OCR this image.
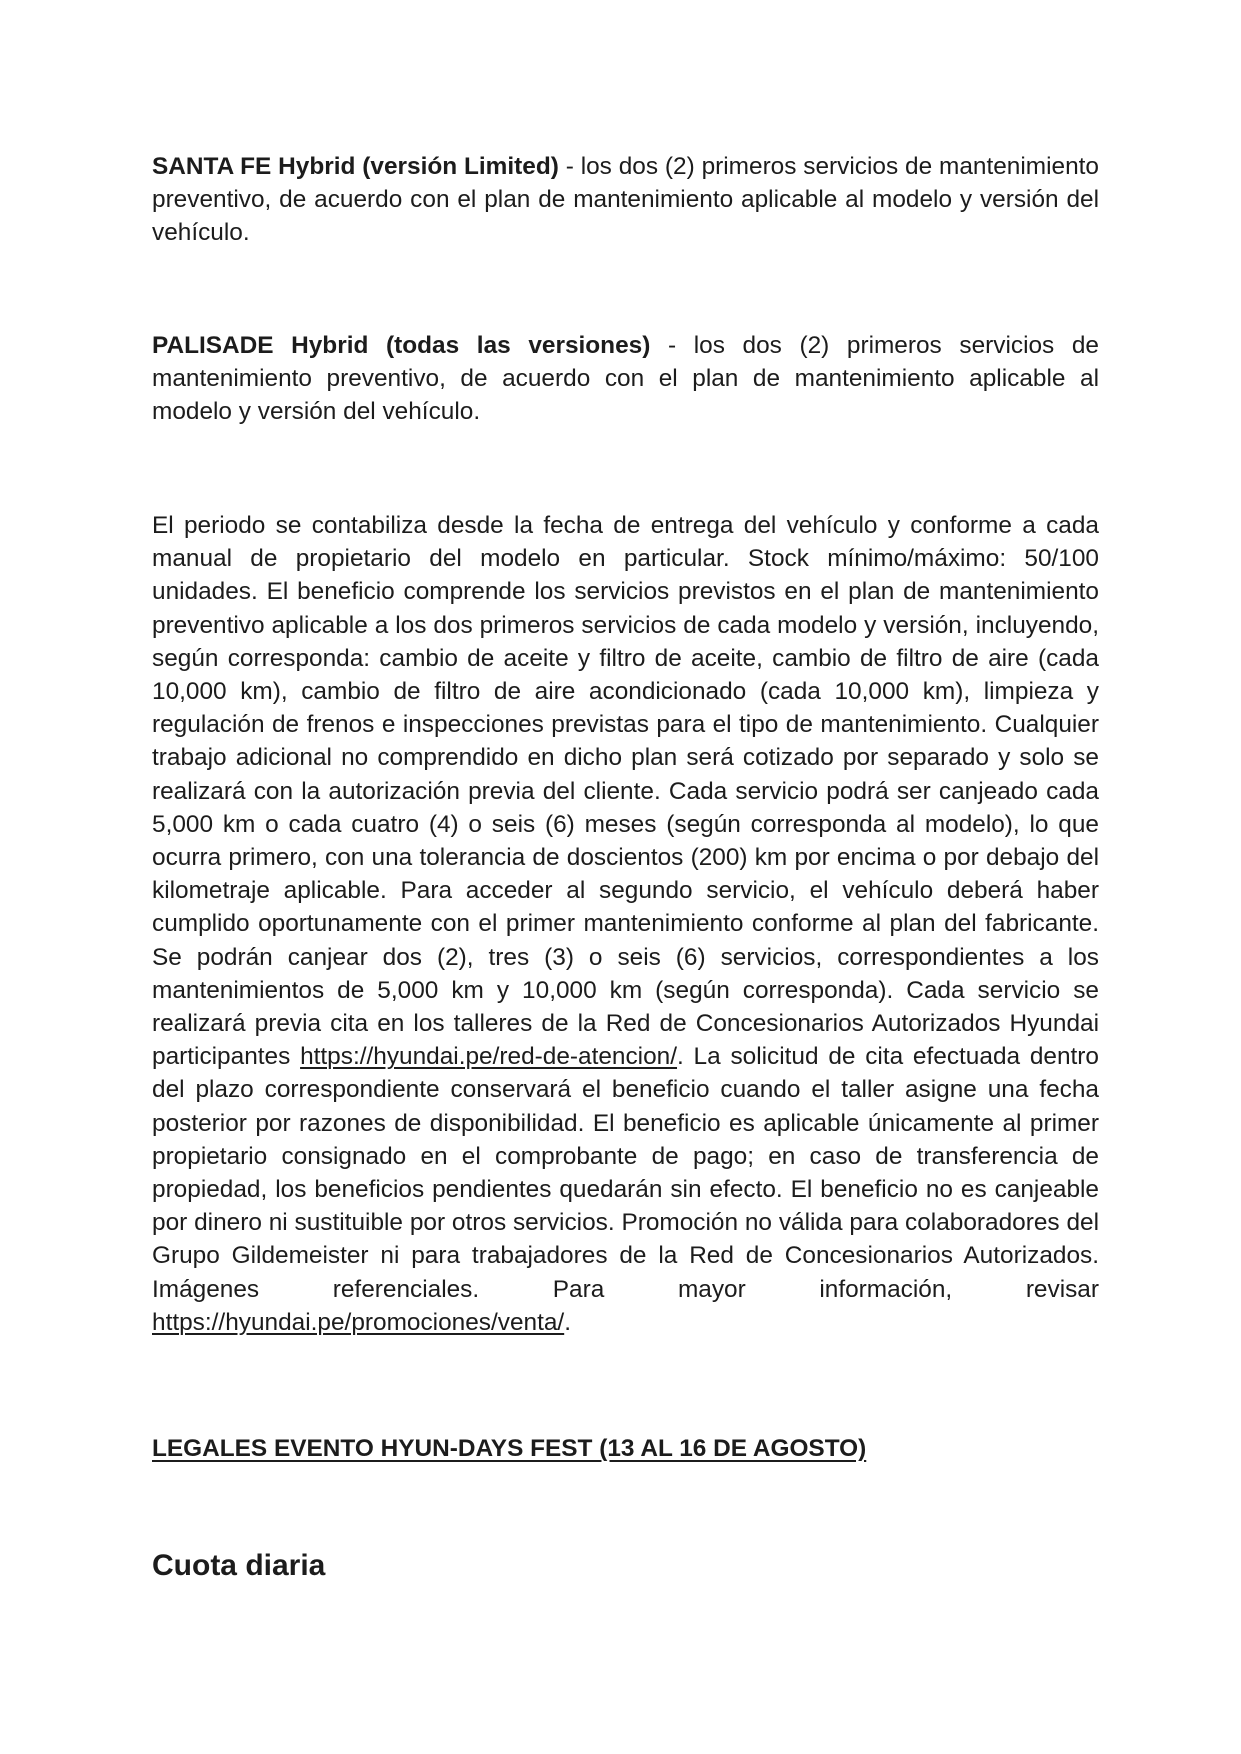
SANTA FE Hybrid (versión Limited) - los dos (2) primeros servicios de mantenimiento preventivo, de acuerdo con el plan de mantenimiento aplicable al modelo y versión del vehículo.

PALISADE Hybrid (todas las versiones) - los dos (2) primeros servicios de mantenimiento preventivo, de acuerdo con el plan de mantenimiento aplicable al modelo y versión del vehículo.

El periodo se contabiliza desde la fecha de entrega del vehículo y conforme a cada manual de propietario del modelo en particular. Stock mínimo/máximo: 50/100 unidades. El beneficio comprende los servicios previstos en el plan de mantenimiento preventivo aplicable a los dos primeros servicios de cada modelo y versión, incluyendo, según corresponda: cambio de aceite y filtro de aceite, cambio de filtro de aire (cada 10,000 km), cambio de filtro de aire acondicionado (cada 10,000 km), limpieza y regulación de frenos e inspecciones previstas para el tipo de mantenimiento. Cualquier trabajo adicional no comprendido en dicho plan será cotizado por separado y solo se realizará con la autorización previa del cliente. Cada servicio podrá ser canjeado cada 5,000 km o cada cuatro (4) o seis (6) meses (según corresponda al modelo), lo que ocurra primero, con una tolerancia de doscientos (200) km por encima o por debajo del kilometraje aplicable. Para acceder al segundo servicio, el vehículo deberá haber cumplido oportunamente con el primer mantenimiento conforme al plan del fabricante. Se podrán canjear dos (2), tres (3) o seis (6) servicios, correspondientes a los mantenimientos de 5,000 km y 10,000 km (según corresponda). Cada servicio se realizará previa cita en los talleres de la Red de Concesionarios Autorizados Hyundai participantes https://hyundai.pe/red-de-atencion/. La solicitud de cita efectuada dentro del plazo correspondiente conservará el beneficio cuando el taller asigne una fecha posterior por razones de disponibilidad. El beneficio es aplicable únicamente al primer propietario consignado en el comprobante de pago; en caso de transferencia de propiedad, los beneficios pendientes quedarán sin efecto. El beneficio no es canjeable por dinero ni sustituible por otros servicios. Promoción no válida para colaboradores del Grupo Gildemeister ni para trabajadores de la Red de Concesionarios Autorizados. Imágenes referenciales. Para mayor información, revisar https://hyundai.pe/promociones/venta/.

LEGALES EVENTO HYUN-DAYS FEST (13 AL 16 DE AGOSTO)

Cuota diaria
